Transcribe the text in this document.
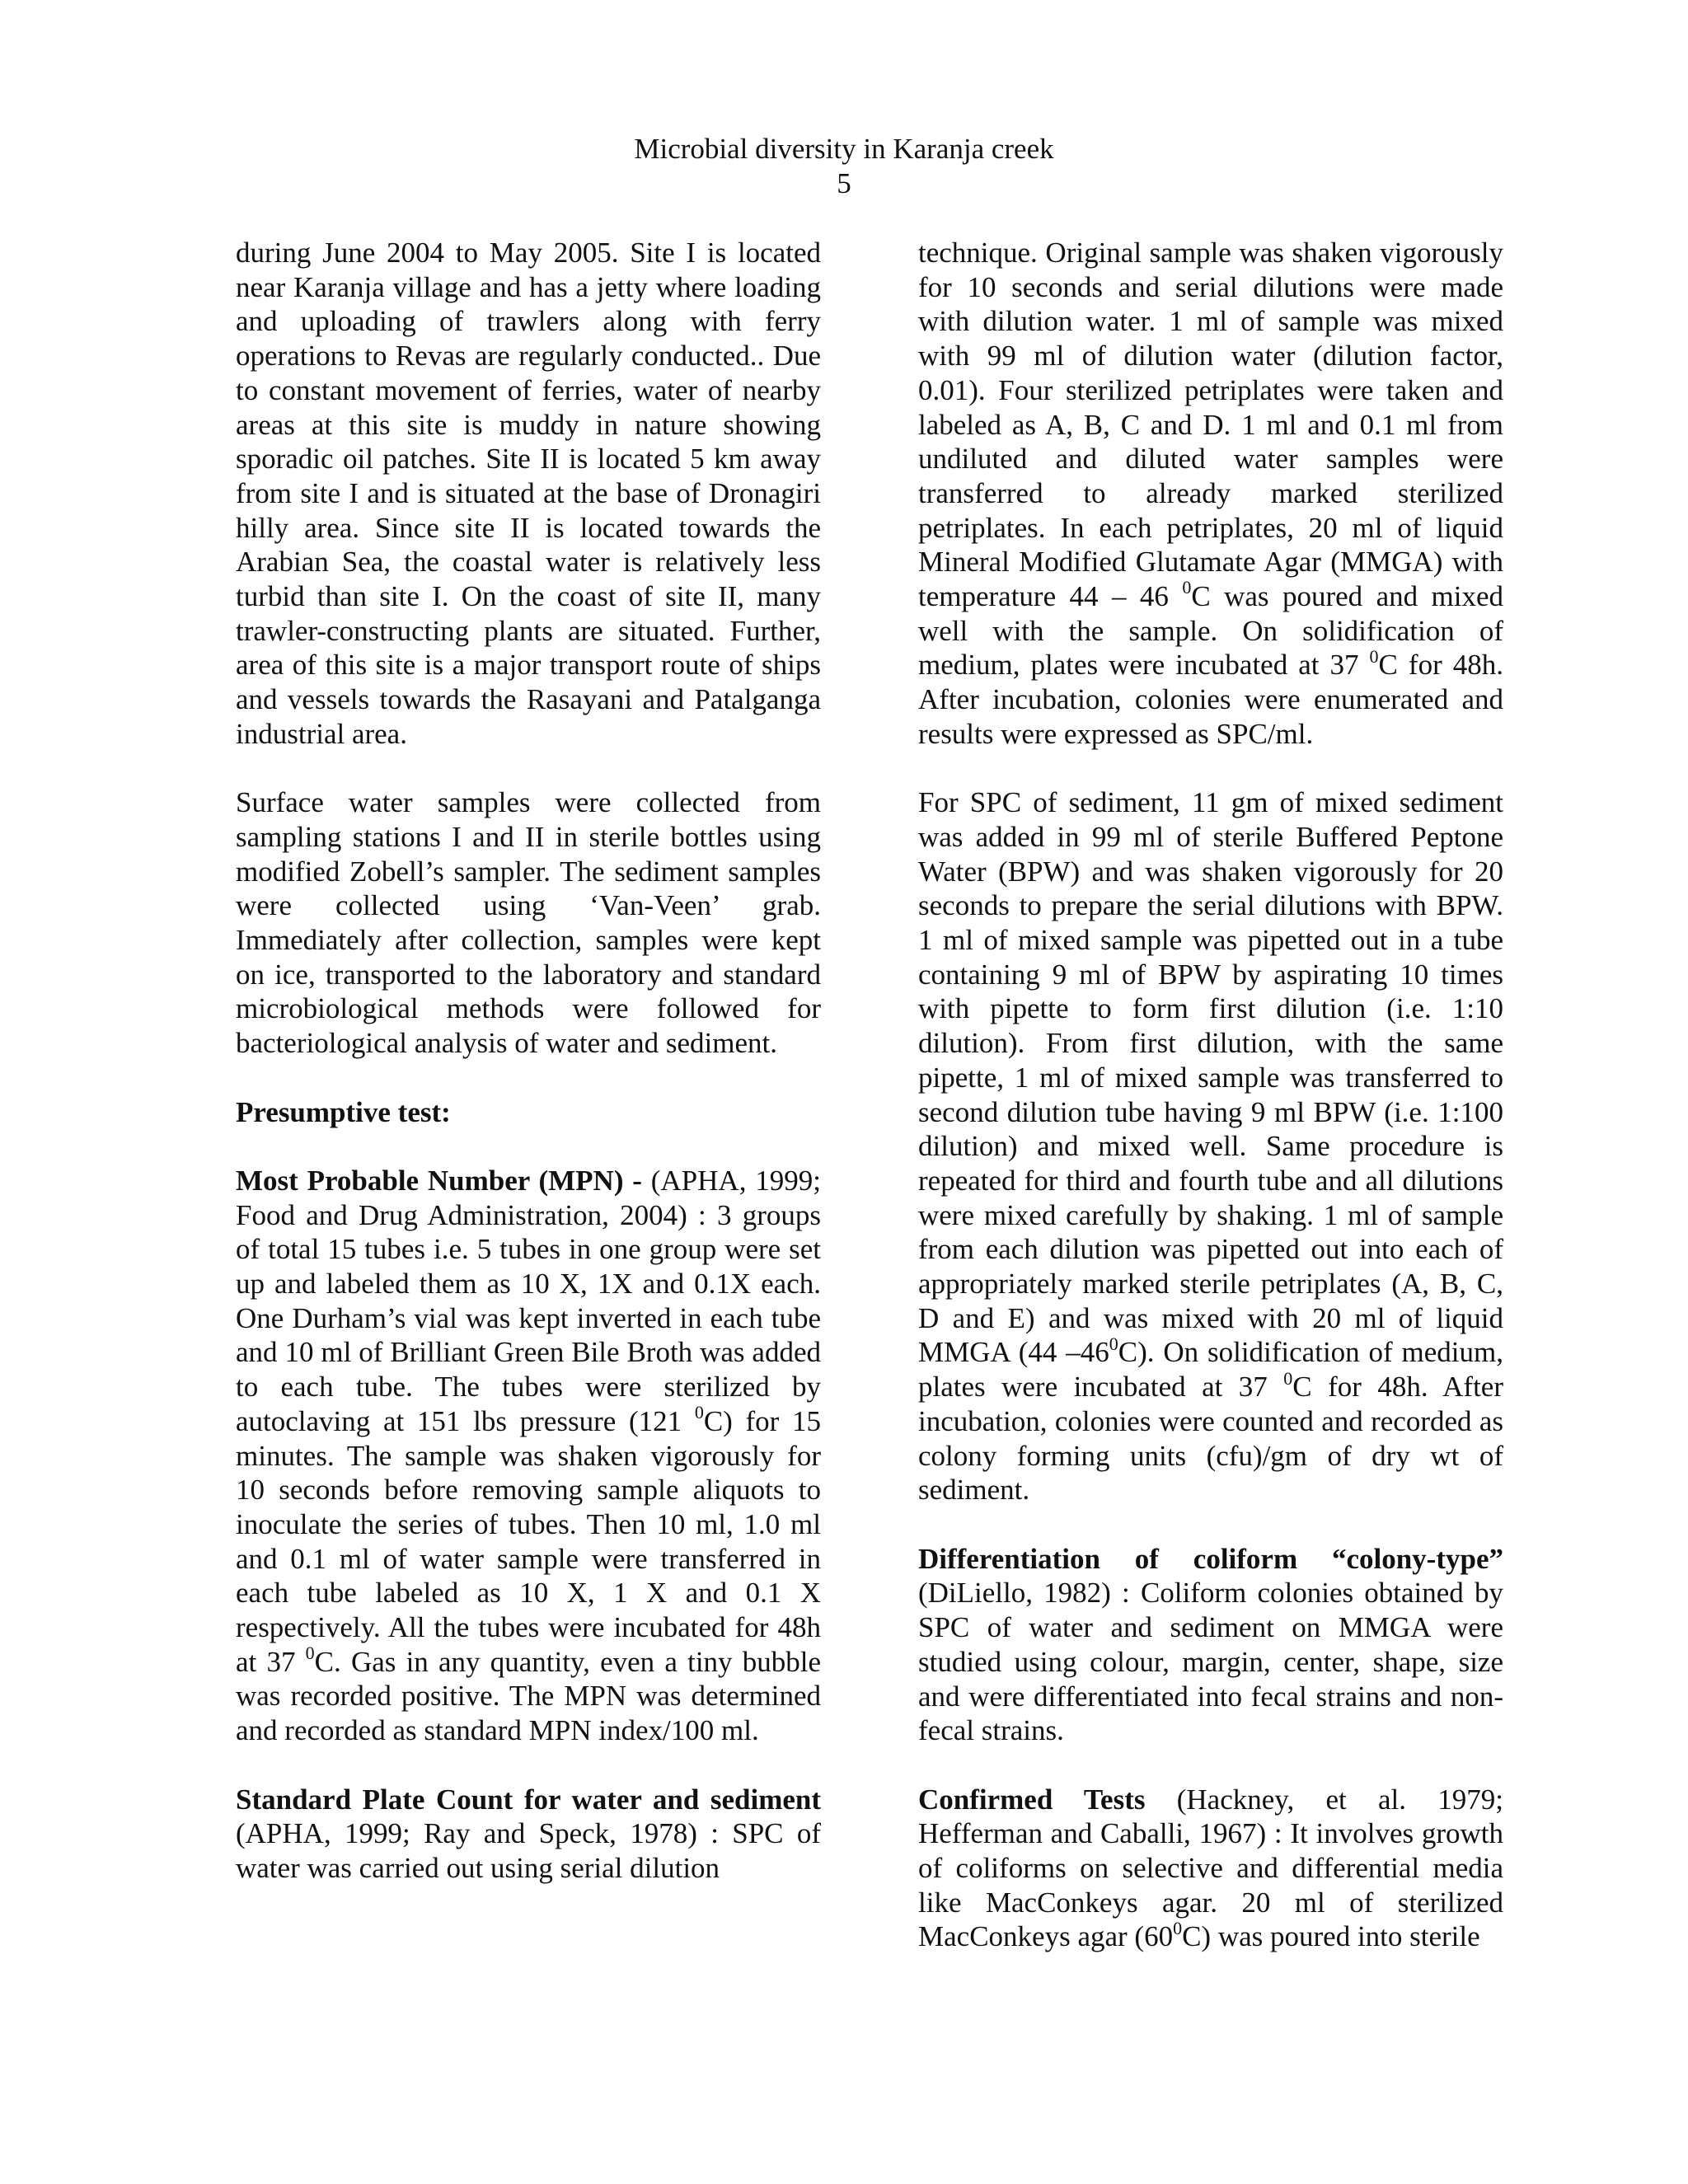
Microbial diversity in Karanja creek
5

during June 2004 to May 2005. Site I is located near Karanja village and has a jetty where loading and uploading of trawlers along with ferry operations to Revas are regularly conducted.. Due to constant movement of ferries, water of nearby areas at this site is muddy in nature showing sporadic oil patches. Site II is located 5 km away from site I and is situated at the base of Dronagiri hilly area. Since site II is located towards the Arabian Sea, the coastal water is relatively less turbid than site I. On the coast of site II, many trawler-constructing plants are situated. Further, area of this site is a major transport route of ships and vessels towards the Rasayani and Patalganga industrial area.

Surface water samples were collected from sampling stations I and II in sterile bottles using modified Zobell’s sampler. The sediment samples were collected using ‘Van-Veen’ grab. Immediately after collection, samples were kept on ice, transported to the laboratory and standard microbiological methods were followed for bacteriological analysis of water and sediment.

Presumptive test:

Most Probable Number (MPN) - (APHA, 1999; Food and Drug Administration, 2004) : 3 groups of total 15 tubes i.e. 5 tubes in one group were set up and labeled them as 10 X, 1X and 0.1X each. One Durham’s vial was kept inverted in each tube and 10 ml of Brilliant Green Bile Broth was added to each tube. The tubes were sterilized by autoclaving at 151 lbs pressure (121 $^0$C) for 15 minutes. The sample was shaken vigorously for 10 seconds before removing sample aliquots to inoculate the series of tubes. Then 10 ml, 1.0 ml and 0.1 ml of water sample were transferred in each tube labeled as 10 X, 1 X and 0.1 X respectively. All the tubes were incubated for 48h at 37 $^0$C. Gas in any quantity, even a tiny bubble was recorded positive. The MPN was determined and recorded as standard MPN index/100 ml.

Standard Plate Count for water and sediment (APHA, 1999; Ray and Speck, 1978) : SPC of water was carried out using serial dilution

technique. Original sample was shaken vigorously for 10 seconds and serial dilutions were made with dilution water. 1 ml of sample was mixed with 99 ml of dilution water (dilution factor, 0.01). Four sterilized petriplates were taken and labeled as A, B, C and D. 1 ml and 0.1 ml from undiluted and diluted water samples were transferred to already marked sterilized petriplates. In each petriplates, 20 ml of liquid Mineral Modified Glutamate Agar (MMGA) with temperature 44 – 46 $^0$C was poured and mixed well with the sample. On solidification of medium, plates were incubated at 37 $^0$C for 48h. After incubation, colonies were enumerated and results were expressed as SPC/ml.

For SPC of sediment, 11 gm of mixed sediment was added in 99 ml of sterile Buffered Peptone Water (BPW) and was shaken vigorously for 20 seconds to prepare the serial dilutions with BPW. 1 ml of mixed sample was pipetted out in a tube containing 9 ml of BPW by aspirating 10 times with pipette to form first dilution (i.e. 1:10 dilution). From first dilution, with the same pipette, 1 ml of mixed sample was transferred to second dilution tube having 9 ml BPW (i.e. 1:100 dilution) and mixed well. Same procedure is repeated for third and fourth tube and all dilutions were mixed carefully by shaking. 1 ml of sample from each dilution was pipetted out into each of appropriately marked sterile petriplates (A, B, C, D and E) and was mixed with 20 ml of liquid MMGA (44 $-46^0C$). On solidification of medium, plates were incubated at 37 $^0$C for 48h. After incubation, colonies were counted and recorded as colony forming units (cfu)/gm of dry wt of sediment.

Differentiation of coliform “colony-type” (DiLiello, 1982) : Coliform colonies obtained by SPC of water and sediment on MMGA were studied using colour, margin, center, shape, size and were differentiated into fecal strains and non-fecal strains.

Confirmed Tests (Hackney, et al. 1979; Hefferman and Caballi, 1967) : It involves growth of coliforms on selective and differential media like MacConkeys agar. 20 ml of sterilized MacConkeys agar $(60^0C)$ was poured into sterile
